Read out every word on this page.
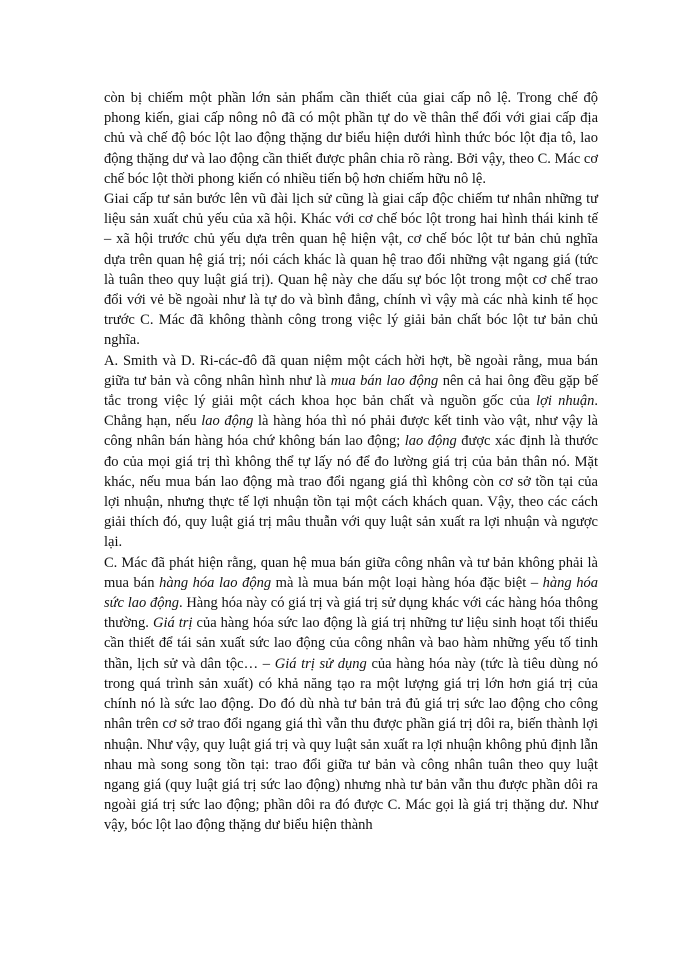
còn bị chiếm một phần lớn sản phẩm cần thiết của giai cấp nô lệ. Trong chế độ phong kiến, giai cấp nông nô đã có một phần tự do về thân thể đối với giai cấp địa chủ và chế độ bóc lột lao động thặng dư biểu hiện dưới hình thức bóc lột địa tô, lao động thặng dư và lao động cần thiết được phân chia rõ ràng. Bởi vậy, theo C. Mác cơ chế bóc lột thời phong kiến có nhiều tiến bộ hơn chiếm hữu nô lệ.

Giai cấp tư sản bước lên vũ đài lịch sử cũng là giai cấp độc chiếm tư nhân những tư liệu sản xuất chủ yếu của xã hội. Khác với cơ chế bóc lột trong hai hình thái kinh tế – xã hội trước chủ yếu dựa trên quan hệ hiện vật, cơ chế bóc lột tư bản chủ nghĩa dựa trên quan hệ giá trị; nói cách khác là quan hệ trao đổi những vật ngang giá (tức là tuân theo quy luật giá trị). Quan hệ này che dấu sự bóc lột trong một cơ chế trao đổi với vẻ bề ngoài như là tự do và bình đẳng, chính vì vậy mà các nhà kinh tế học trước C. Mác đã không thành công trong việc lý giải bản chất bóc lột tư bản chủ nghĩa.

A. Smith và D. Ri-các-đô đã quan niệm một cách hời hợt, bề ngoài rằng, mua bán giữa tư bản và công nhân hình như là mua bán lao động nên cả hai ông đều gặp bế tắc trong việc lý giải một cách khoa học bản chất và nguồn gốc của lợi nhuận. Chẳng hạn, nếu lao động là hàng hóa thì nó phải được kết tinh vào vật, như vậy là công nhân bán hàng hóa chứ không bán lao động; lao động được xác định là thước đo của mọi giá trị thì không thể tự lấy nó để đo lường giá trị của bản thân nó. Mặt khác, nếu mua bán lao động mà trao đổi ngang giá thì không còn cơ sở tồn tại của lợi nhuận, nhưng thực tế lợi nhuận tồn tại một cách khách quan. Vậy, theo các cách giải thích đó, quy luật giá trị mâu thuẫn với quy luật sản xuất ra lợi nhuận và ngược lại.

C. Mác đã phát hiện rằng, quan hệ mua bán giữa công nhân và tư bản không phải là mua bán hàng hóa lao động mà là mua bán một loại hàng hóa đặc biệt – hàng hóa sức lao động. Hàng hóa này có giá trị và giá trị sử dụng khác với các hàng hóa thông thường. Giá trị của hàng hóa sức lao động là giá trị những tư liệu sinh hoạt tối thiểu cần thiết để tái sản xuất sức lao động của công nhân và bao hàm những yếu tố tinh thần, lịch sử và dân tộc… – Giá trị sử dụng của hàng hóa này (tức là tiêu dùng nó trong quá trình sản xuất) có khả năng tạo ra một lượng giá trị lớn hơn giá trị của chính nó là sức lao động. Do đó dù nhà tư bản trả đủ giá trị sức lao động cho công nhân trên cơ sở trao đổi ngang giá thì vẫn thu được phần giá trị dôi ra, biến thành lợi nhuận. Như vậy, quy luật giá trị và quy luật sản xuất ra lợi nhuận không phủ định lẫn nhau mà song song tồn tại: trao đổi giữa tư bản và công nhân tuân theo quy luật ngang giá (quy luật giá trị sức lao động) nhưng nhà tư bản vẫn thu được phần dôi ra ngoài giá trị sức lao động; phần dôi ra đó được C. Mác gọi là giá trị thặng dư. Như vậy, bóc lột lao động thặng dư biểu hiện thành
